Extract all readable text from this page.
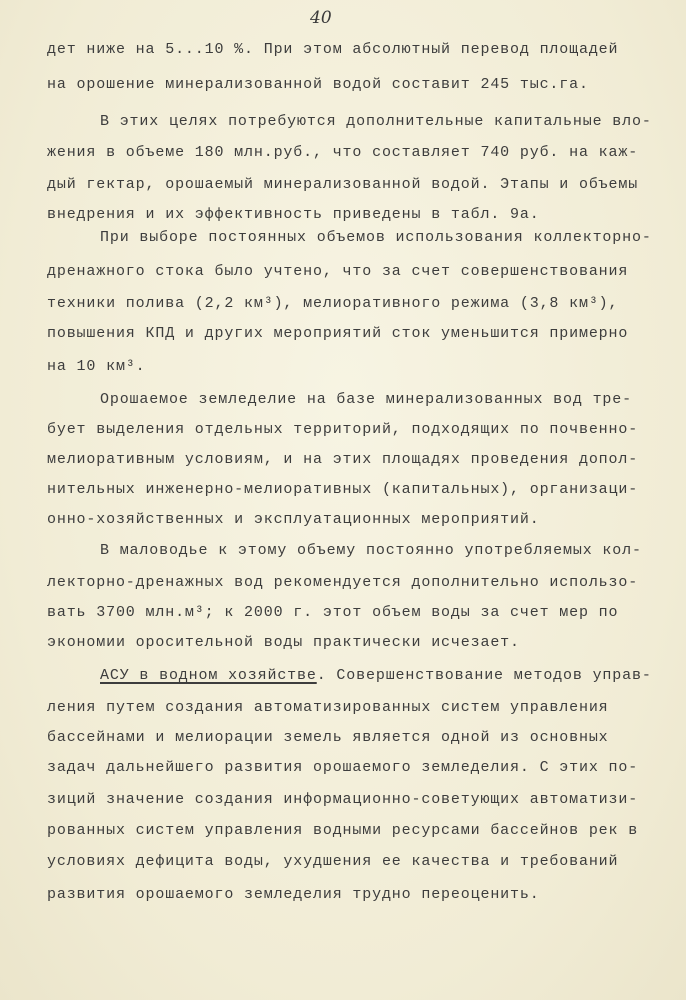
40
дет ниже на 5...10 %. При этом абсолютный перевод площадей
на орошение минерализованной водой составит 245 тыс.га.
В этих целях потребуются дополнительные капитальные вло-
жения в объеме 180 млн.руб., что составляет 740 руб. на каж-
дый гектар, орошаемый минерализованной водой. Этапы и объемы
внедрения и их эффективность приведены в табл. 9а.
При выборе постоянных объемов использования коллекторно-
дренажного стока было учтено, что за счет совершенствования
техники полива (2,2 км³), мелиоративного режима (3,8 км³),
повышения КПД и других мероприятий сток уменьшится примерно
на 10 км³.
Орошаемое земледелие на базе минерализованных вод тре-
бует выделения отдельных территорий, подходящих по почвенно-
мелиоративным условиям, и на этих площадях проведения допол-
нительных инженерно-мелиоративных (капитальных), организаци-
онно-хозяйственных и эксплуатационных мероприятий.
В маловодье к этому объему постоянно употребляемых кол-
лекторно-дренажных вод рекомендуется дополнительно использо-
вать 3700 млн.м³; к 2000 г. этот объем воды за счет мер по
экономии оросительной воды практически исчезает.
АСУ в водном хозяйстве. Совершенствование методов управ-
ления путем создания автоматизированных систем управления
бассейнами и мелиорации земель является одной из основных
задач дальнейшего развития орошаемого земледелия. С этих по-
зиций значение создания информационно-советующих автоматизи-
рованных систем управления водными ресурсами бассейнов рек в
условиях дефицита воды, ухудшения ее качества и требований
развития орошаемого земледелия трудно переоценить.
